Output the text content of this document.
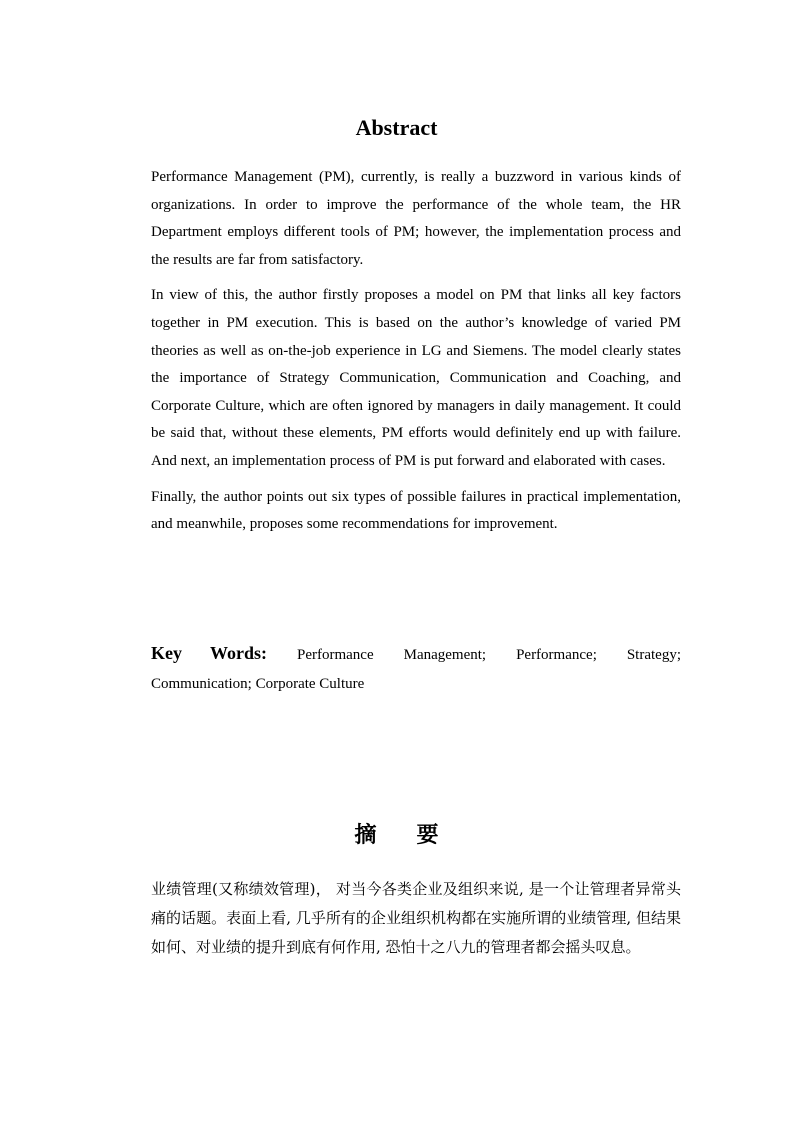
Abstract

Performance Management (PM), currently, is really a buzzword in various kinds of organizations. In order to improve the performance of the whole team, the HR Department employs different tools of PM; however, the implementation process and the results are far from satisfactory.

In view of this, the author firstly proposes a model on PM that links all key factors together in PM execution. This is based on the author’s knowledge of varied PM theories as well as on-the-job experience in LG and Siemens. The model clearly states the importance of Strategy Communication, Communication and Coaching, and Corporate Culture, which are often ignored by managers in daily management. It could be said that, without these elements, PM efforts would definitely end up with failure. And next, an implementation process of PM is put forward and elaborated with cases.

Finally, the author points out six types of possible failures in practical implementation, and meanwhile, proposes some recommendations for improvement.

Key Words: Performance Management; Performance; Strategy;

Communication; Corporate Culture

摘 要

业绩管理(又称绩效管理)， 对当今各类企业及组织来说, 是一个让管理者异常头痛的话题。表面上看, 几乎所有的企业组织机构都在实施所谓的业绩管理, 但结果如何、对业绩的提升到底有何作用, 恐怕十之八九的管理者都会摇头叹息。
